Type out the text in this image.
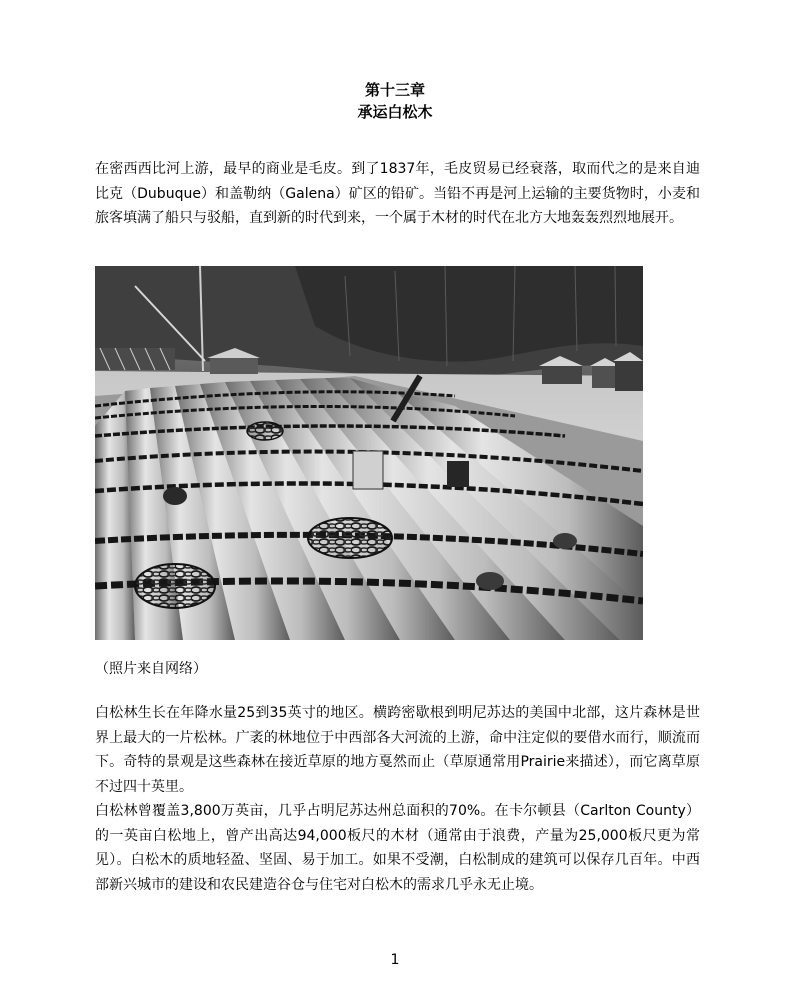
第十三章
承运白松木

在密西西比河上游，最早的商业是毛皮。到了1837年，毛皮贸易已经衰落，取而代之的是来自迪比克（Dubuque）和盖勒纳（Galena）矿区的铅矿。当铅不再是河上运输的主要货物时，小麦和旅客填满了船只与驳船，直到新的时代到来，一个属于木材的时代在北方大地轰轰烈烈地展开。

（照片来自网络）

白松林生长在年降水量25到35英寸的地区。横跨密歇根到明尼苏达的美国中北部，这片森林是世界上最大的一片松林。广袤的林地位于中西部各大河流的上游，命中注定似的要借水而行，顺流而下。奇特的景观是这些森林在接近草原的地方戛然而止（草原通常用Prairie来描述），而它离草原不过四十英里。

白松林曾覆盖3,800万英亩，几乎占明尼苏达州总面积的70%。在卡尔顿县（Carlton County）的一英亩白松地上，曾产出高达94,000板尺的木材（通常由于浪费，产量为25,000板尺更为常见）。白松木的质地轻盈、坚固、易于加工。如果不受潮，白松制成的建筑可以保存几百年。中西部新兴城市的建设和农民建造谷仓与住宅对白松木的需求几乎永无止境。

1
